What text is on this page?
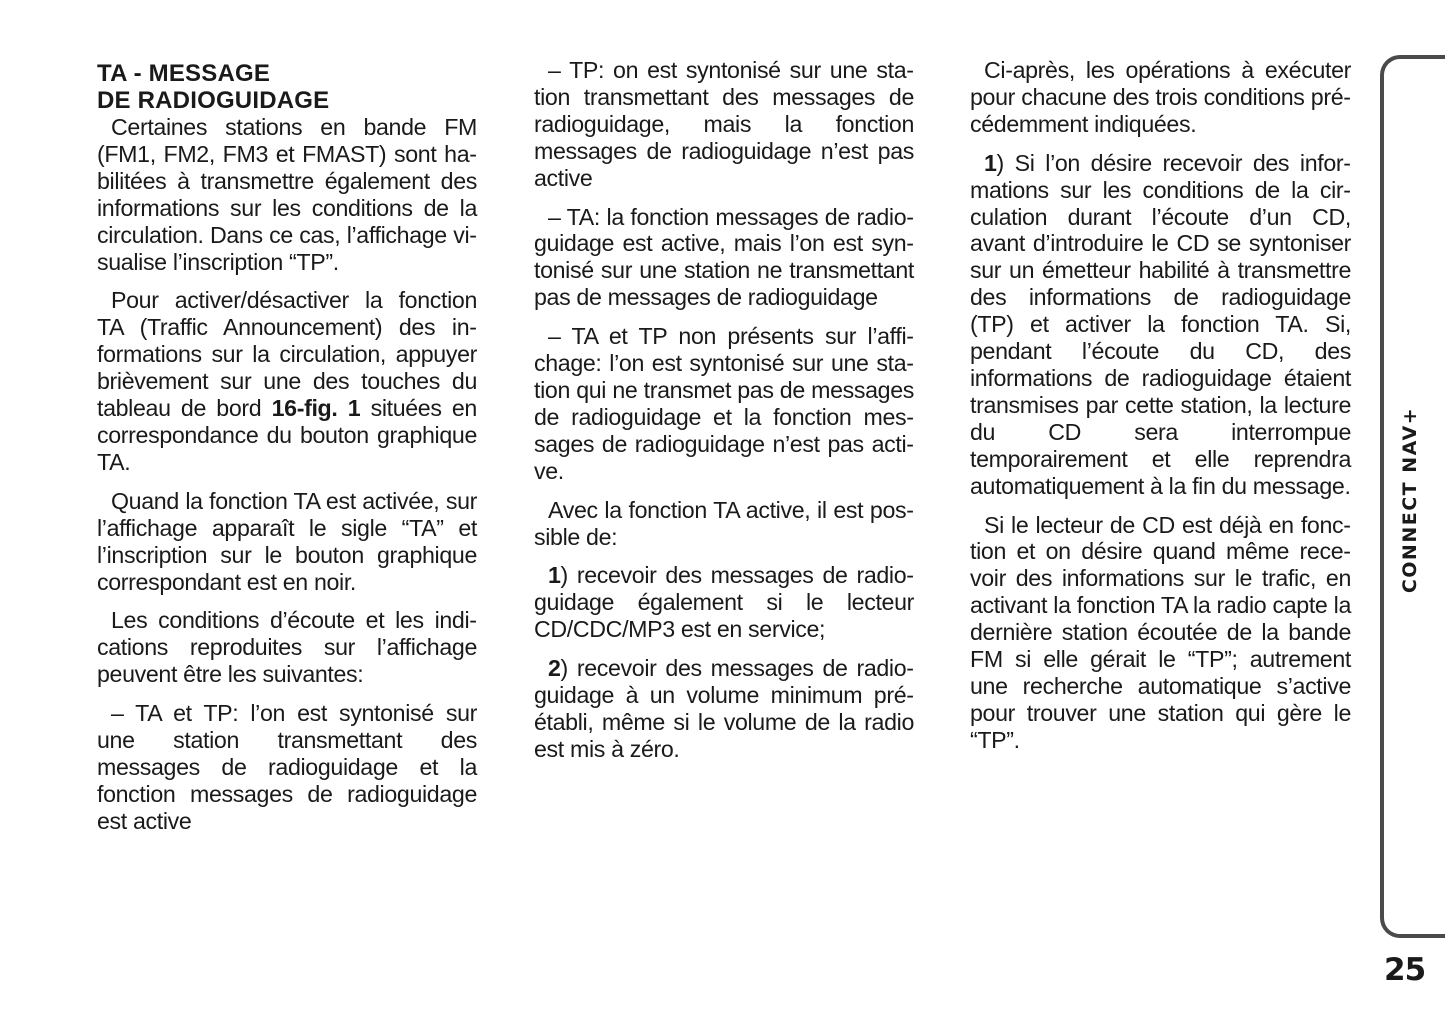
TA - MESSAGE
DE RADIOGUIDAGE

Certaines stations en bande FM (FM1, FM2, FM3 et FMAST) sont habilitées à transmettre également des informations sur les conditions de la circulation. Dans ce cas, l’affichage visualise l’inscription “TP”.

Pour activer/désactiver la fonction TA (Traffic Announcement) des informations sur la circulation, appuyer brièvement sur une des touches du tableau de bord 16-fig. 1 situées en correspondance du bouton graphique TA.

Quand la fonction TA est activée, sur l’affichage apparaît le sigle “TA” et l’inscription sur le bouton graphique correspondant est en noir.

Les conditions d’écoute et les indications reproduites sur l’affichage peuvent être les suivantes:

– TA et TP: l’on est syntonisé sur une station transmettant des messages de radioguidage et la fonction messages de radioguidage est active

– TP: on est syntonisé sur une station transmettant des messages de radioguidage, mais la fonction messages de radioguidage n’est pas active

– TA: la fonction messages de radioguidage est active, mais l’on est syntonisé sur une station ne transmettant pas de messages de radioguidage

– TA et TP non présents sur l’affichage: l’on est syntonisé sur une station qui ne transmet pas de messages de radioguidage et la fonction messages de radioguidage n’est pas active.

Avec la fonction TA active, il est possible de:

1) recevoir des messages de radioguidage également si le lecteur CD/CDC/MP3 est en service;

2) recevoir des messages de radioguidage à un volume minimum préétabli, même si le volume de la radio est mis à zéro.

Ci-après, les opérations à exécuter pour chacune des trois conditions précédemment indiquées.

1) Si l’on désire recevoir des informations sur les conditions de la circulation durant l’écoute d’un CD, avant d’introduire le CD se syntoniser sur un émetteur habilité à transmettre des informations de radioguidage (TP) et activer la fonction TA. Si, pendant l’écoute du CD, des informations de radioguidage étaient transmises par cette station, la lecture du CD sera interrompue temporairement et elle reprendra automatiquement à la fin du message.

Si le lecteur de CD est déjà en fonction et on désire quand même recevoir des informations sur le trafic, en activant la fonction TA la radio capte la dernière station écoutée de la bande FM si elle gérait le “TP”; autrement une recherche automatique s’active pour trouver une station qui gère le “TP”.

CONNECT NAV+
25
